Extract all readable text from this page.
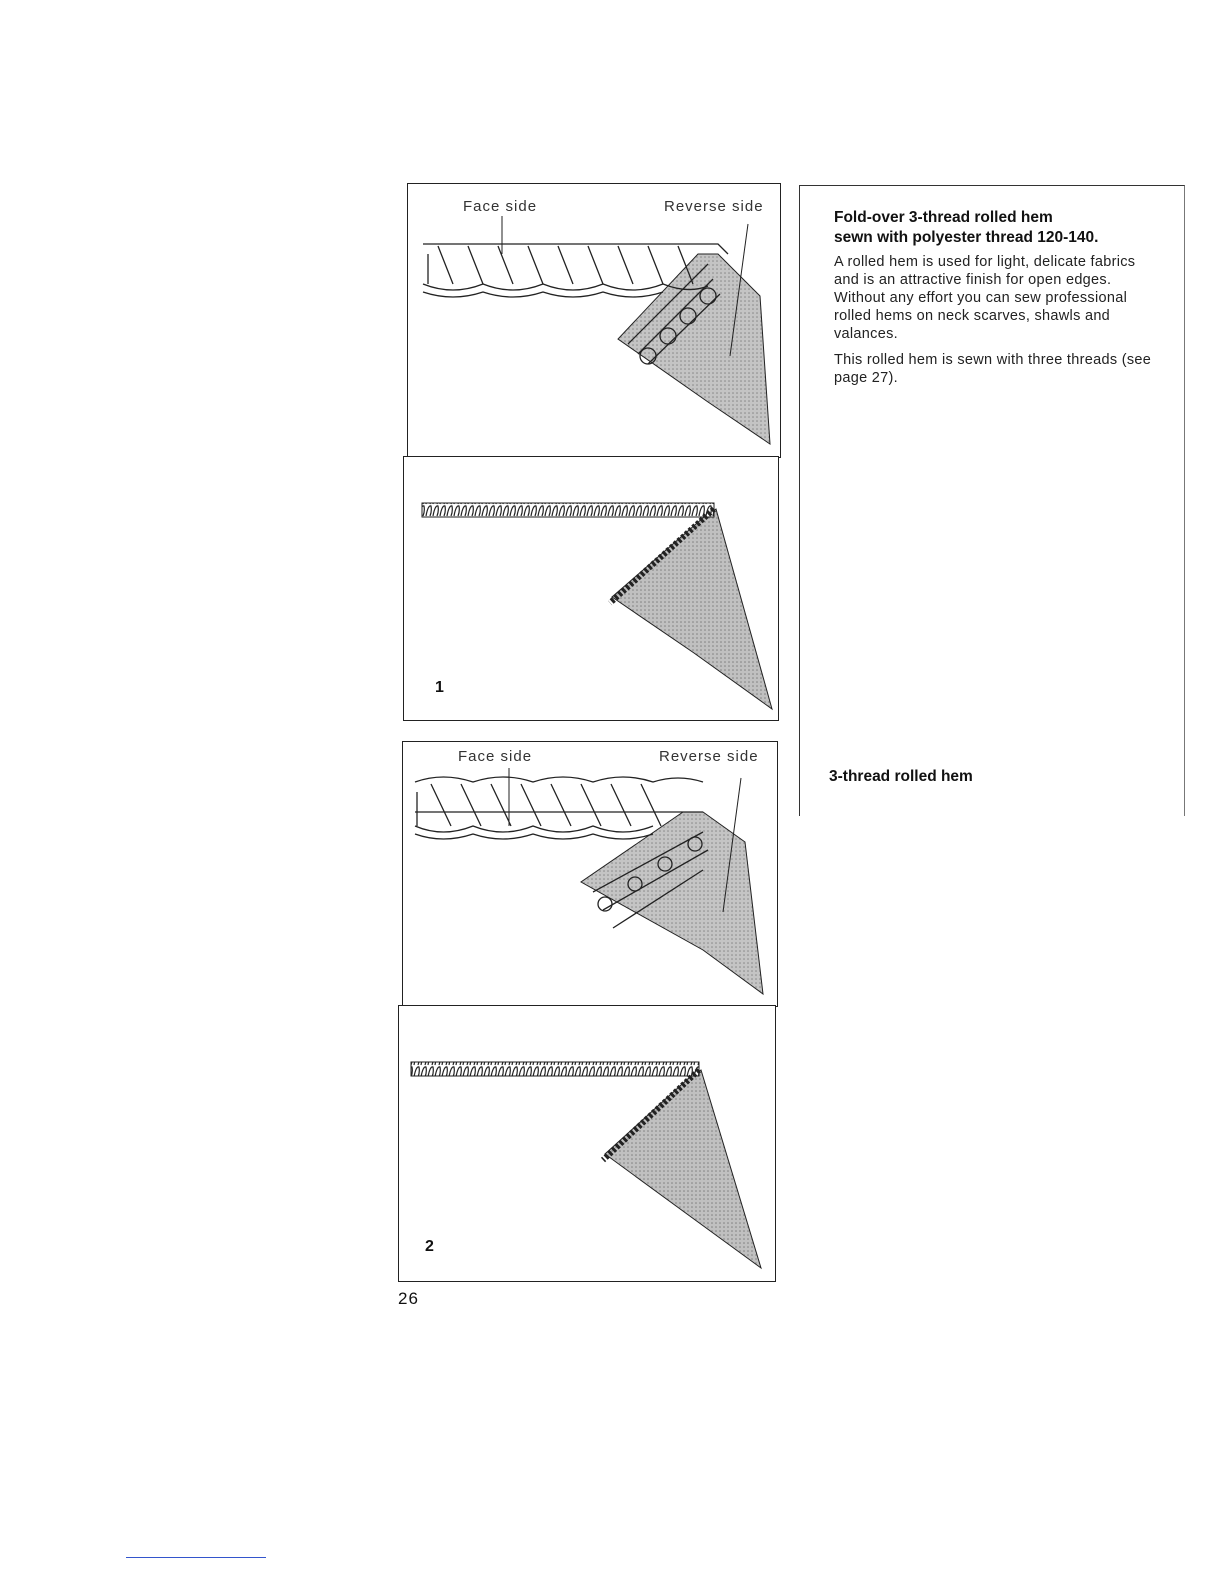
Face side	Reverse side
1
Face side	Reverse side
2
26
Fold-over 3-thread rolled hem
sewn with polyester thread 120-140.
A rolled hem is used for light, delicate fabrics and is an attractive finish for open edges. Without any effort you can sew professional rolled hems on neck scarves, shawls and valances.
This rolled hem is sewn with three threads (see page 27).
3-thread rolled hem
